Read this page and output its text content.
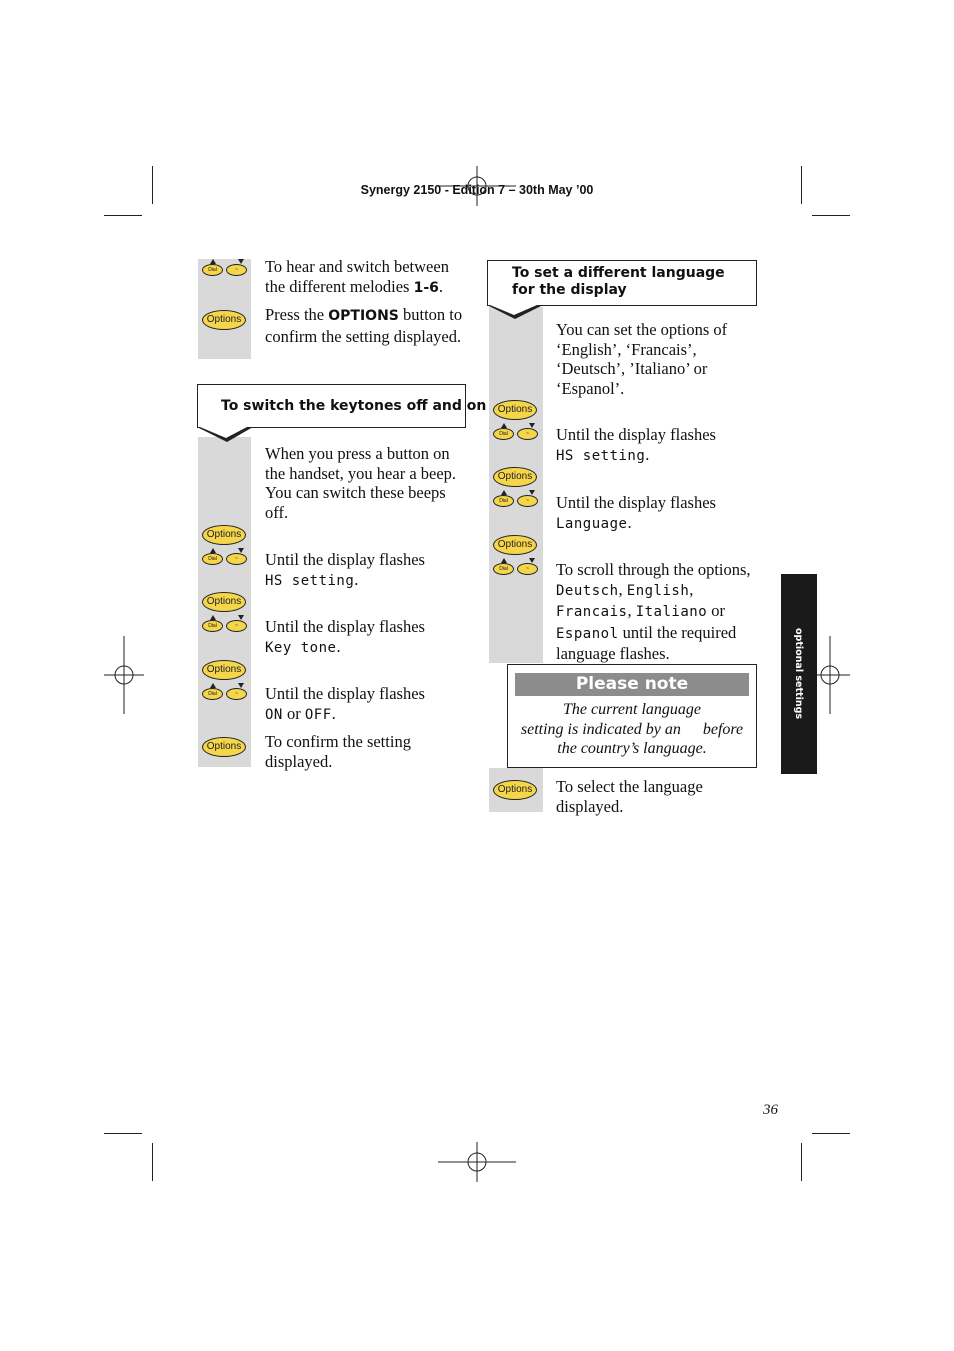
Synergy 2150 - Edition 7 – 30th May ’00
Dial	~	To hear and switch between the different melodies 1-6.
Options Press the OPTIONS button to confirm the setting displayed.
To switch the keytones off and on
When you press a button on the handset, you hear a beep. You can switch these beeps off.
Options
Dial	~	Until the display flashes
HS setting.
Options
Dial	~	Until the display flashes
Key tone.
Options
Dial	~	Until the display flashes
ON or OFF.
Options To confirm the setting displayed.
To set a different language for the display
You can set the options of ‘English’, ‘Francais’, ‘Deutsch’, ’Italiano’ or ‘Espanol’.
Options
Dial	~	Until the display flashes
HS setting.
Options
Dial	~	Until the display flashes
Language.
Options
Dial	~	To scroll through the options, Deutsch, English, Francais, Italiano or Espanol until the required language flashes.
Please note
The current language
setting is indicated by an before
the country’s language.
Options To select the language displayed.
optional settings
36
